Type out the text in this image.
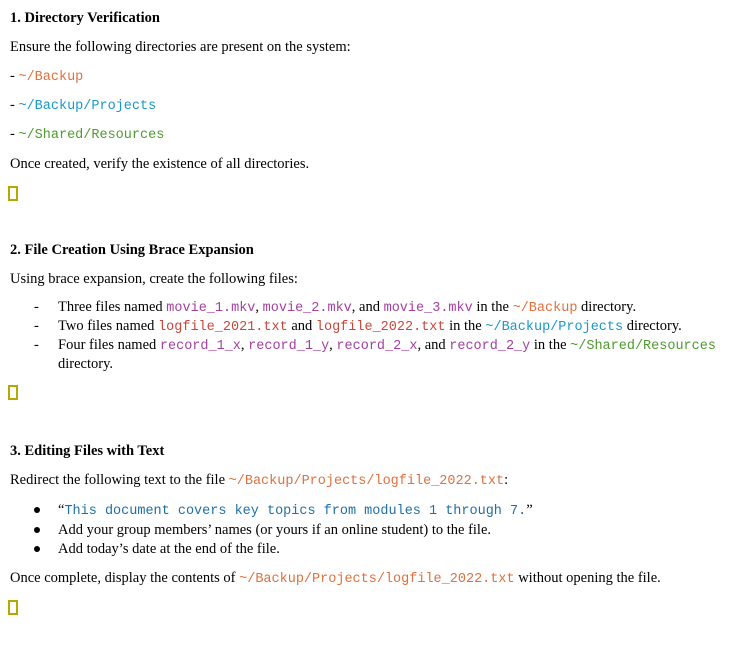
1. Directory Verification
Ensure the following directories are present on the system:
- ~/Backup
- ~/Backup/Projects
- ~/Shared/Resources
Once created, verify the existence of all directories.
2. File Creation Using Brace Expansion
Using brace expansion, create the following files:
- Three files named movie_1.mkv, movie_2.mkv, and movie_3.mkv in the ~/Backup directory.
- Two files named logfile_2021.txt and logfile_2022.txt in the ~/Backup/Projects directory.
- Four files named record_1_x, record_1_y, record_2_x, and record_2_y in the ~/Shared/Resources
directory.
3. Editing Files with Text
Redirect the following text to the file ~/Backup/Projects/logfile_2022.txt:
“This document covers key topics from modules 1 through 7.”
Add your group members’ names (or yours if an online student) to the file.
Add today’s date at the end of the file.
Once complete, display the contents of ~/Backup/Projects/logfile_2022.txt without opening the file.
